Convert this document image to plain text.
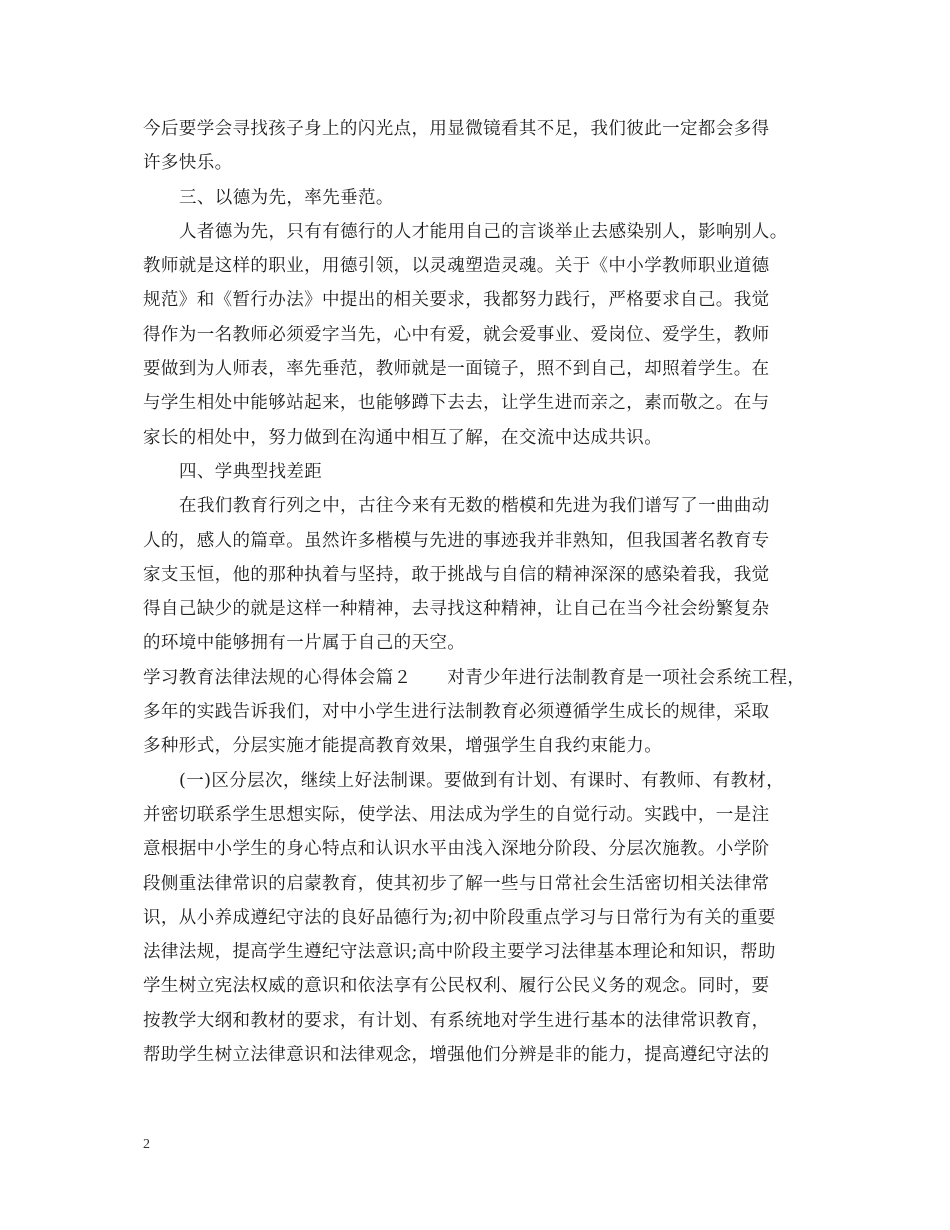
今后要学会寻找孩子身上的闪光点，用显微镜看其不足，我们彼此一定都会多得
许多快乐。
三、以德为先，率先垂范。
人者德为先，只有有德行的人才能用自己的言谈举止去感染别人，影响别人。
教师就是这样的职业，用德引领，以灵魂塑造灵魂。关于《中小学教师职业道德
规范》和《暂行办法》中提出的相关要求，我都努力践行，严格要求自己。我觉
得作为一名教师必须爱字当先，心中有爱，就会爱事业、爱岗位、爱学生，教师
要做到为人师表，率先垂范，教师就是一面镜子，照不到自己，却照着学生。在
与学生相处中能够站起来，也能够蹲下去去，让学生进而亲之，素而敬之。在与
家长的相处中，努力做到在沟通中相互了解，在交流中达成共识。
四、学典型找差距
在我们教育行列之中，古往今来有无数的楷模和先进为我们谱写了一曲曲动
人的，感人的篇章。虽然许多楷模与先进的事迹我并非熟知，但我国著名教育专
家支玉恒，他的那种执着与坚持，敢于挑战与自信的精神深深的感染着我，我觉
得自己缺少的就是这样一种精神，去寻找这种精神，让自己在当今社会纷繁复杂
的环境中能够拥有一片属于自己的天空。
学习教育法律法规的心得体会篇２　　对青少年进行法制教育是一项社会系统工程，
多年的实践告诉我们，对中小学生进行法制教育必须遵循学生成长的规律，采取
多种形式，分层实施才能提高教育效果，增强学生自我约束能力。
(一)区分层次，继续上好法制课。要做到有计划、有课时、有教师、有教材，
并密切联系学生思想实际，使学法、用法成为学生的自觉行动。实践中，一是注
意根据中小学生的身心特点和认识水平由浅入深地分阶段、分层次施教。小学阶
段侧重法律常识的启蒙教育，使其初步了解一些与日常社会生活密切相关法律常
识，从小养成遵纪守法的良好品德行为;初中阶段重点学习与日常行为有关的重要
法律法规，提高学生遵纪守法意识;高中阶段主要学习法律基本理论和知识，帮助
学生树立宪法权威的意识和依法享有公民权利、履行公民义务的观念。同时，要
按教学大纲和教材的要求，有计划、有系统地对学生进行基本的法律常识教育，
帮助学生树立法律意识和法律观念，增强他们分辨是非的能力，提高遵纪守法的
2
